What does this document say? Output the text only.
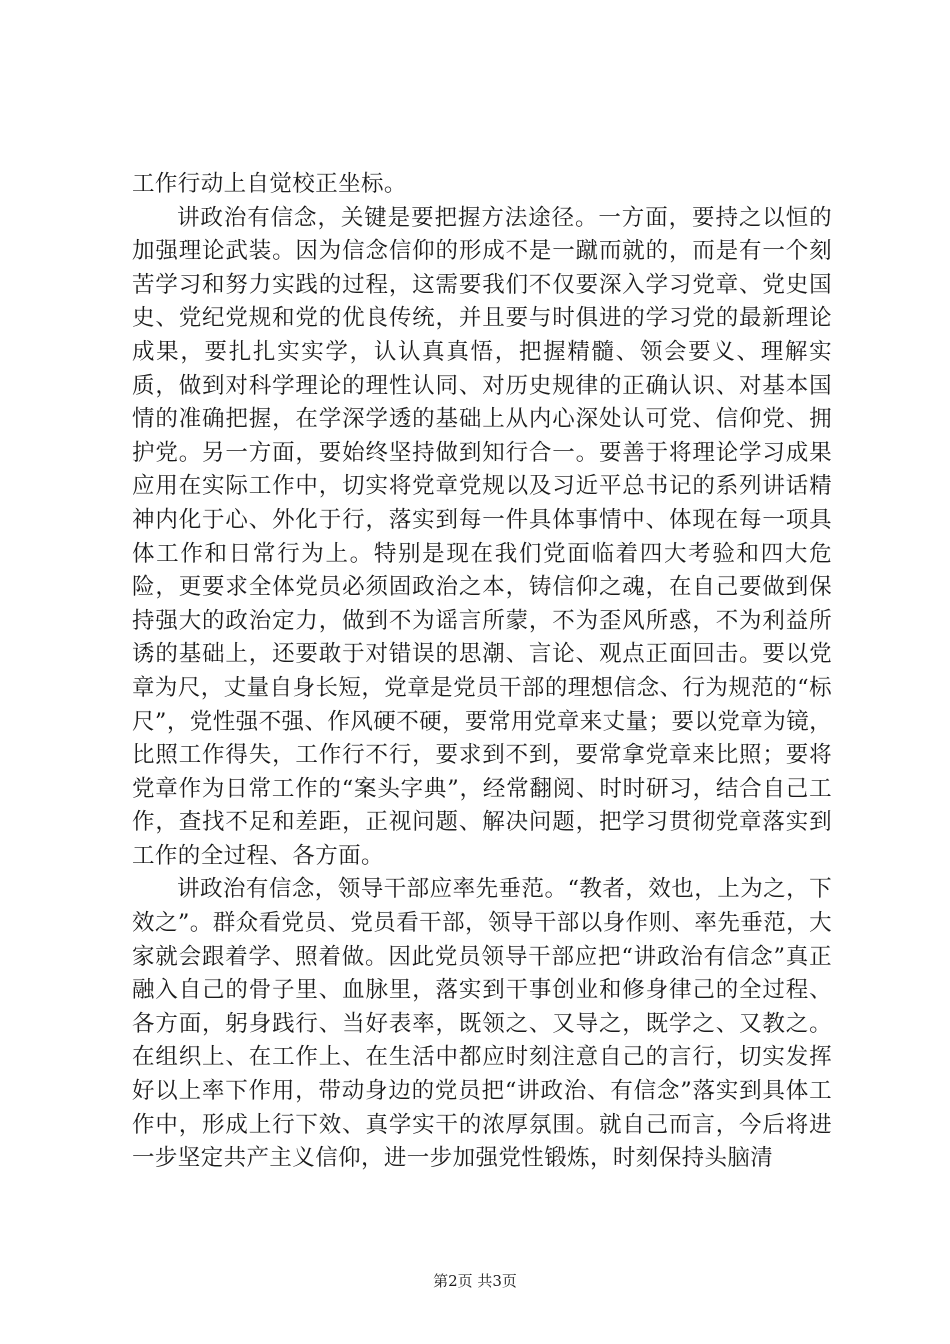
工作行动上自觉校正坐标。

讲政治有信念，关键是要把握方法途径。一方面，要持之以恒的加强理论武装。因为信念信仰的形成不是一蹴而就的，而是有一个刻苦学习和努力实践的过程，这需要我们不仅要深入学习党章、党史国史、党纪党规和党的优良传统，并且要与时俱进的学习党的最新理论成果，要扎扎实实学，认认真真悟，把握精髓、领会要义、理解实质，做到对科学理论的理性认同、对历史规律的正确认识、对基本国情的准确把握，在学深学透的基础上从内心深处认可党、信仰党、拥护党。另一方面，要始终坚持做到知行合一。要善于将理论学习成果应用在实际工作中，切实将党章党规以及习近平总书记的系列讲话精神内化于心、外化于行，落实到每一件具体事情中、体现在每一项具体工作和日常行为上。特别是现在我们党面临着四大考验和四大危险，更要求全体党员必须固政治之本，铸信仰之魂，在自己要做到保持强大的政治定力，做到不为谣言所蒙，不为歪风所惑，不为利益所诱的基础上，还要敢于对错误的思潮、言论、观点正面回击。要以党章为尺，丈量自身长短，党章是党员干部的理想信念、行为规范的“标尺”，党性强不强、作风硬不硬，要常用党章来丈量；要以党章为镜，比照工作得失，工作行不行，要求到不到，要常拿党章来比照；要将党章作为日常工作的“案头字典”，经常翻阅、时时研习，结合自己工作，查找不足和差距，正视问题、解决问题，把学习贯彻党章落实到工作的全过程、各方面。

讲政治有信念，领导干部应率先垂范。“教者，效也，上为之，下效之”。群众看党员、党员看干部，领导干部以身作则、率先垂范，大家就会跟着学、照着做。因此党员领导干部应把“讲政治有信念”真正融入自己的骨子里、血脉里，落实到干事创业和修身律己的全过程、各方面，躬身践行、当好表率，既领之、又导之，既学之、又教之。在组织上、在工作上、在生活中都应时刻注意自己的言行，切实发挥好以上率下作用，带动身边的党员把“讲政治、有信念”落实到具体工作中，形成上行下效、真学实干的浓厚氛围。就自己而言，今后将进一步坚定共产主义信仰，进一步加强党性锻炼，时刻保持头脑清

第2页 共3页
